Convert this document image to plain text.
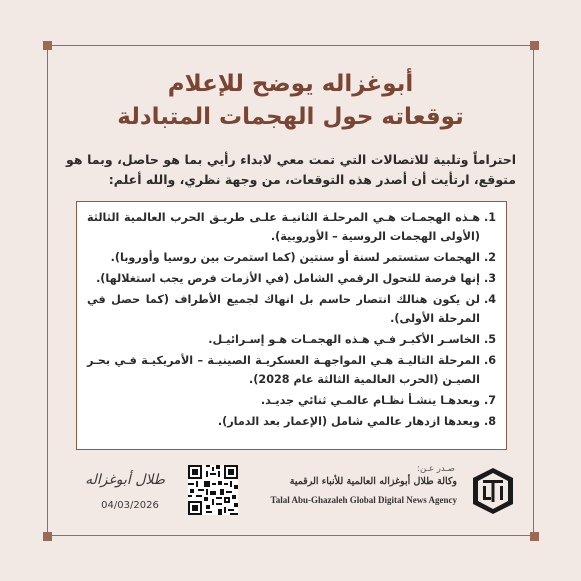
أبوغزاله يوضح للإعلام
توقعاته حول الهجمات المتبادلة
احتراماً وتلبية للاتصالات التي تمت معي لابداء رأيي بما هو حاصل، وبما هو متوقع، ارتأيت أن أصدر هذه التوقعات، من وجهة نظري، والله أعلم:
1.
هـذه الهجمـات هـي المرحلـة الثانيـة علـى طريـق الحرب العالمية الثالثة (الأولى الهجمات الروسية – الأوروبية).
2.
الهجمات ستستمر لسنة أو سنتين (كما استمرت بين روسيا وأوروبا).
3.
إنها فرصة للتحول الرقمي الشامل (في الأزمات فرص يجب استغلالها).
4.
لن يكون هنالك انتصار حاسم بل انهاك لجميع الأطراف (كما حصل في المرحلة الأولى).
5.
الخاسـر الأكبـر فـي هـذه الهجمـات هـو إسـرائيـل.
6.
المرحلة التاليـة هـي المواجهـة العسكريـة الصينيـة – الأمريكيـة فـي بحـر الصيـن (الحرب العالمية الثالثة عام 2028).
7.
وبعدهـا ينشـأ نظـام عالمـي ثنائي جديـد.
8.
وبعدها ازدهار عالمي شامل (الإعمار بعد الدمار).
طلال أبوغزاله
04/03/2026
صـدر عـن:
وكالة طلال أبوغزاله العالمية للأنباء الرقمية
Talal Abu-Ghazaleh Global Digital News Agency
